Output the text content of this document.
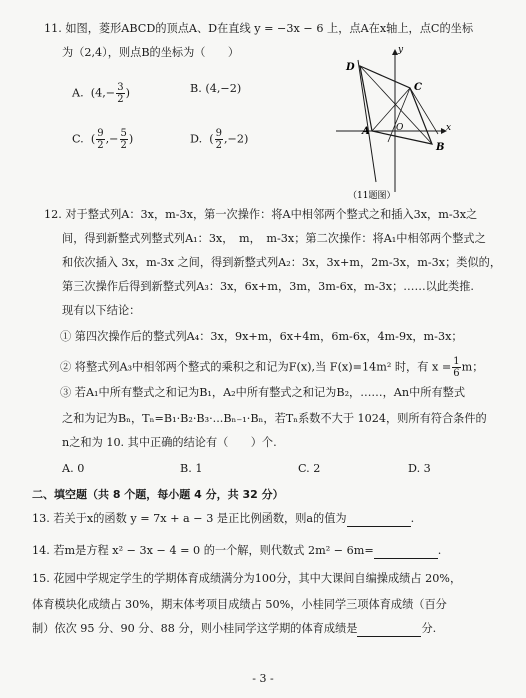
11. 如图，菱形ABCD的顶点A、D在直线 y = −3x − 6 上，点A在x轴上，点C的坐标
为（2,4），则点B的坐标为（　　）
A. ($4,- \frac{3}{2}$ )	B. (4,−2)
C.  ( $\frac{9}{2}$ ,− $\frac{5}{2}$ )	D.  ( $\frac{9}{2} ,-2$)
D
C
A	O
B
x
y
（11题图）
12. 对于整式列A：3x，m-3x，第一次操作：将A中相邻两个整式之和插入3x，m-3x之
间，得到新整式列整式列A₁：3x，　m，　m-3x；第二次操作：将A₁中相邻两个整式之
和依次插入 3x，m-3x 之间，得到新整式列A₂：3x，3x+m，2m-3x，m-3x；类似的，
第三次操作后得到新整式列A₃：3x，6x+m，3m，3m-6x，m-3x；……以此类推.
现有以下结论：
① 第四次操作后的整式列A₄：3x，9x+m，6x+4m，6m-6x，4m-9x，m-3x；
② 将整式列A₃中相邻两个整式的乘积之和记为F(x),当 F(x)=14m² 时，有 $x = \frac{1}{6}$ m；
③ 若A₁中所有整式之和记为B₁，A₂中所有整式之和记为B₂，……，An中所有整式
之和为记为Bₙ，Tₙ=B₁·B₂·B₃·...Bₙ₋₁·Bₙ，若Tₙ系数不大于 1024，则所有符合条件的
n之和为 10. 其中正确的结论有（　　）个.
A. 0	B. 1	C. 2	D. 3
二、填空题（共 8 个题，每小题 4 分，共 32 分）
13. 若关于x的函数 y = 7x + a − 3 是正比例函数，则a的值为	.
14. 若m是方程 x² − 3x − 4 = 0 的一个解，则代数式 2m² − 6m=	.
15. 花园中学规定学生的学期体育成绩满分为100分，其中大课间自编操成绩占 20%，
体育模块化成绩占 30%，期末体考项目成绩占 50%，小桂同学三项体育成绩（百分
制）依次 95 分、90 分、88 分，则小桂同学这学期的体育成绩是	分.
- 3 -
